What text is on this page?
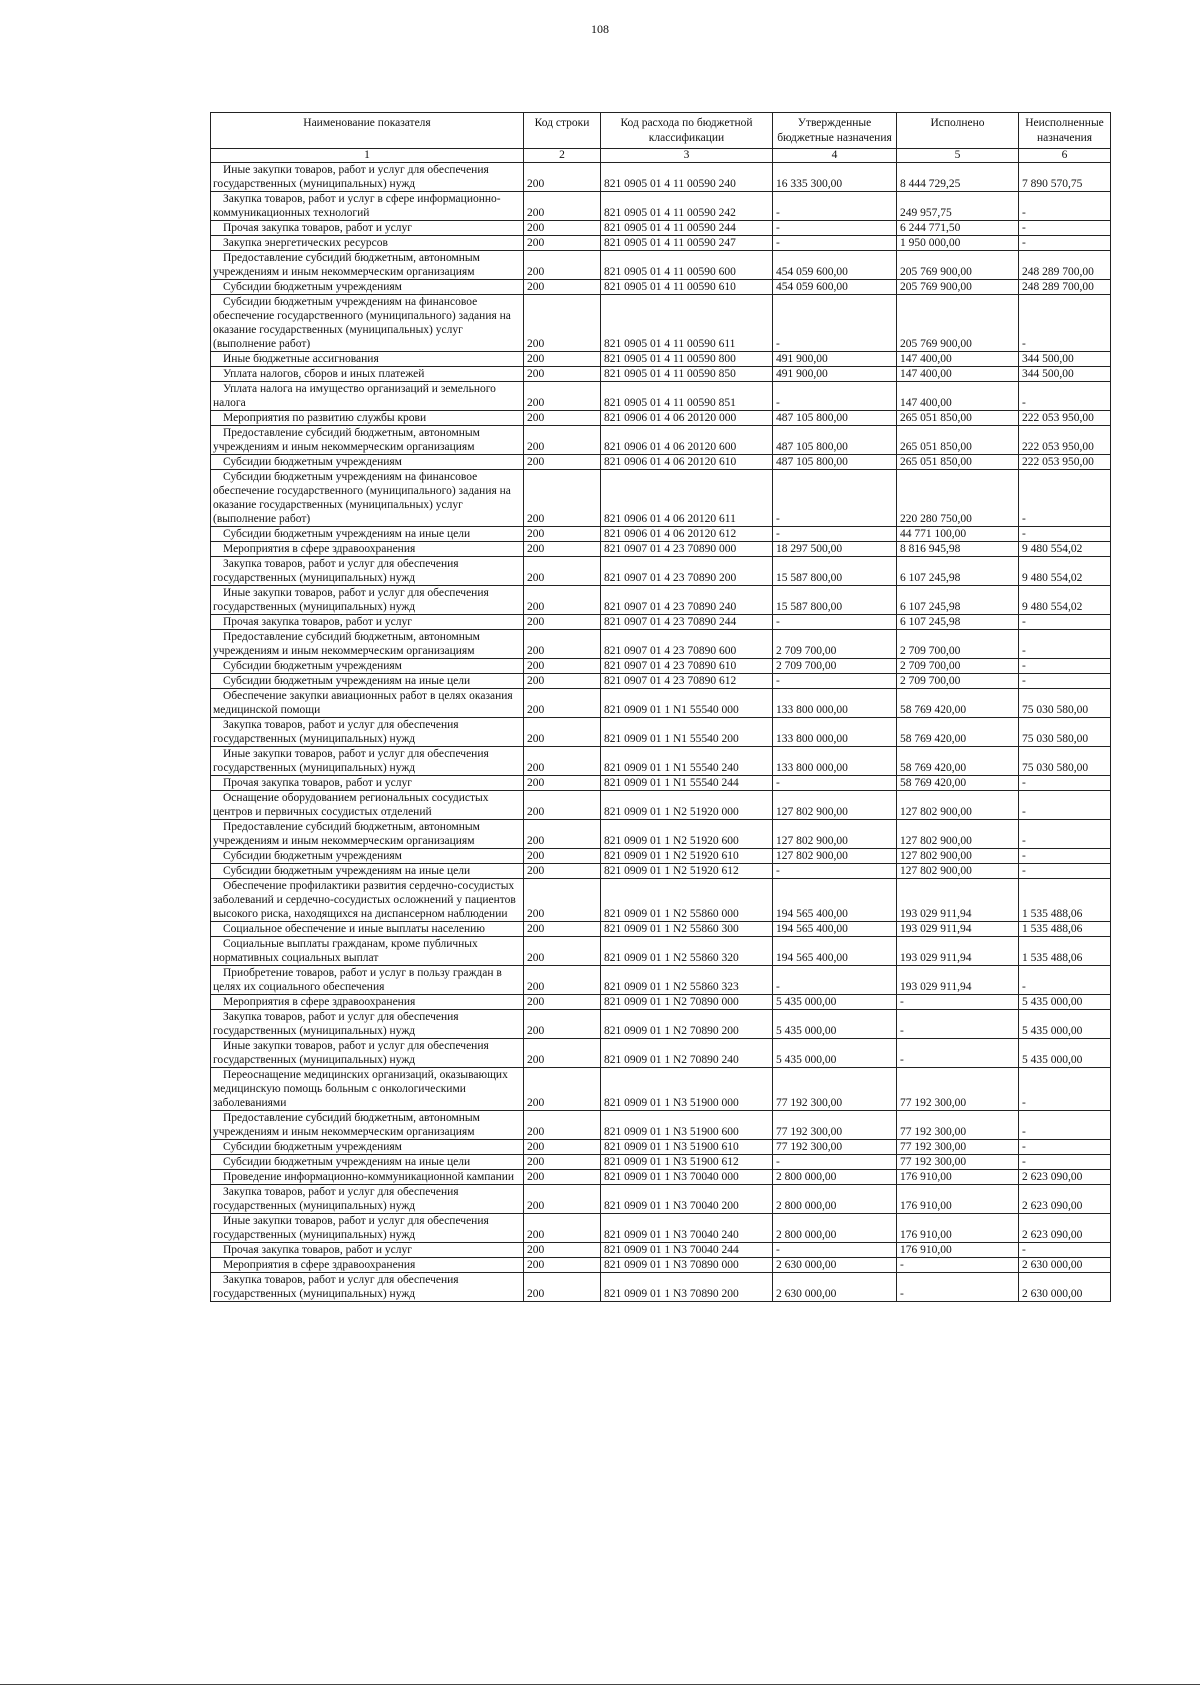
108
Наименование показателя	Код строки	Код расхода по бюджетной классификации	Утвержденные бюджетные назначения	Исполнено	Неисполненные назначения
1	2	3	4	5	6
Иные закупки товаров, работ и услуг для обеспечения государственных (муниципальных) нужд	200	821 0905 01 4 11 00590 240	16 335 300,00	8 444 729,25	7 890 570,75
Закупка товаров, работ и услуг в сфере информационно-коммуникационных технологий	200	821 0905 01 4 11 00590 242	-	249 957,75	-
Прочая закупка товаров, работ и услуг	200	821 0905 01 4 11 00590 244	-	6 244 771,50	-
Закупка энергетических ресурсов	200	821 0905 01 4 11 00590 247	-	1 950 000,00	-
Предоставление субсидий бюджетным, автономным учреждениям и иным некоммерческим организациям	200	821 0905 01 4 11 00590 600	454 059 600,00	205 769 900,00	248 289 700,00
Субсидии бюджетным учреждениям	200	821 0905 01 4 11 00590 610	454 059 600,00	205 769 900,00	248 289 700,00
Субсидии бюджетным учреждениям на финансовое обеспечение государственного (муниципального) задания на оказание государственных (муниципальных) услуг (выполнение работ)	200	821 0905 01 4 11 00590 611	-	205 769 900,00	-
Иные бюджетные ассигнования	200	821 0905 01 4 11 00590 800	491 900,00	147 400,00	344 500,00
Уплата налогов, сборов и иных платежей	200	821 0905 01 4 11 00590 850	491 900,00	147 400,00	344 500,00
Уплата налога на имущество организаций и земельного налога	200	821 0905 01 4 11 00590 851	-	147 400,00	-
Мероприятия по развитию службы крови	200	821 0906 01 4 06 20120 000	487 105 800,00	265 051 850,00	222 053 950,00
Предоставление субсидий бюджетным, автономным учреждениям и иным некоммерческим организациям	200	821 0906 01 4 06 20120 600	487 105 800,00	265 051 850,00	222 053 950,00
Субсидии бюджетным учреждениям	200	821 0906 01 4 06 20120 610	487 105 800,00	265 051 850,00	222 053 950,00
Субсидии бюджетным учреждениям на финансовое обеспечение государственного (муниципального) задания на оказание государственных (муниципальных) услуг (выполнение работ)	200	821 0906 01 4 06 20120 611	-	220 280 750,00	-
Субсидии бюджетным учреждениям на иные цели	200	821 0906 01 4 06 20120 612	-	44 771 100,00	-
Мероприятия в сфере здравоохранения	200	821 0907 01 4 23 70890 000	18 297 500,00	8 816 945,98	9 480 554,02
Закупка товаров, работ и услуг для обеспечения государственных (муниципальных) нужд	200	821 0907 01 4 23 70890 200	15 587 800,00	6 107 245,98	9 480 554,02
Иные закупки товаров, работ и услуг для обеспечения государственных (муниципальных) нужд	200	821 0907 01 4 23 70890 240	15 587 800,00	6 107 245,98	9 480 554,02
Прочая закупка товаров, работ и услуг	200	821 0907 01 4 23 70890 244	-	6 107 245,98	-
Предоставление субсидий бюджетным, автономным учреждениям и иным некоммерческим организациям	200	821 0907 01 4 23 70890 600	2 709 700,00	2 709 700,00	-
Субсидии бюджетным учреждениям	200	821 0907 01 4 23 70890 610	2 709 700,00	2 709 700,00	-
Субсидии бюджетным учреждениям на иные цели	200	821 0907 01 4 23 70890 612	-	2 709 700,00	-
Обеспечение закупки авиационных работ в целях оказания медицинской помощи	200	821 0909 01 1 N1 55540 000	133 800 000,00	58 769 420,00	75 030 580,00
Закупка товаров, работ и услуг для обеспечения государственных (муниципальных) нужд	200	821 0909 01 1 N1 55540 200	133 800 000,00	58 769 420,00	75 030 580,00
Иные закупки товаров, работ и услуг для обеспечения государственных (муниципальных) нужд	200	821 0909 01 1 N1 55540 240	133 800 000,00	58 769 420,00	75 030 580,00
Прочая закупка товаров, работ и услуг	200	821 0909 01 1 N1 55540 244	-	58 769 420,00	-
Оснащение оборудованием региональных сосудистых центров и первичных сосудистых отделений	200	821 0909 01 1 N2 51920 000	127 802 900,00	127 802 900,00	-
Предоставление субсидий бюджетным, автономным учреждениям и иным некоммерческим организациям	200	821 0909 01 1 N2 51920 600	127 802 900,00	127 802 900,00	-
Субсидии бюджетным учреждениям	200	821 0909 01 1 N2 51920 610	127 802 900,00	127 802 900,00	-
Субсидии бюджетным учреждениям на иные цели	200	821 0909 01 1 N2 51920 612	-	127 802 900,00	-
Обеспечение профилактики развития сердечно-сосудистых заболеваний и сердечно-сосудистых осложнений у пациентов высокого риска, находящихся на диспансерном наблюдении	200	821 0909 01 1 N2 55860 000	194 565 400,00	193 029 911,94	1 535 488,06
Социальное обеспечение и иные выплаты населению	200	821 0909 01 1 N2 55860 300	194 565 400,00	193 029 911,94	1 535 488,06
Социальные выплаты гражданам, кроме публичных нормативных социальных выплат	200	821 0909 01 1 N2 55860 320	194 565 400,00	193 029 911,94	1 535 488,06
Приобретение товаров, работ и услуг в пользу граждан в целях их социального обеспечения	200	821 0909 01 1 N2 55860 323	-	193 029 911,94	-
Мероприятия в сфере здравоохранения	200	821 0909 01 1 N2 70890 000	5 435 000,00	-	5 435 000,00
Закупка товаров, работ и услуг для обеспечения государственных (муниципальных) нужд	200	821 0909 01 1 N2 70890 200	5 435 000,00	-	5 435 000,00
Иные закупки товаров, работ и услуг для обеспечения государственных (муниципальных) нужд	200	821 0909 01 1 N2 70890 240	5 435 000,00	-	5 435 000,00
Переоснащение медицинских организаций, оказывающих медицинскую помощь больным с онкологическими заболеваниями	200	821 0909 01 1 N3 51900 000	77 192 300,00	77 192 300,00	-
Предоставление субсидий бюджетным, автономным учреждениям и иным некоммерческим организациям	200	821 0909 01 1 N3 51900 600	77 192 300,00	77 192 300,00	-
Субсидии бюджетным учреждениям	200	821 0909 01 1 N3 51900 610	77 192 300,00	77 192 300,00	-
Субсидии бюджетным учреждениям на иные цели	200	821 0909 01 1 N3 51900 612	-	77 192 300,00	-
Проведение информационно-коммуникационной кампании	200	821 0909 01 1 N3 70040 000	2 800 000,00	176 910,00	2 623 090,00
Закупка товаров, работ и услуг для обеспечения государственных (муниципальных) нужд	200	821 0909 01 1 N3 70040 200	2 800 000,00	176 910,00	2 623 090,00
Иные закупки товаров, работ и услуг для обеспечения государственных (муниципальных) нужд	200	821 0909 01 1 N3 70040 240	2 800 000,00	176 910,00	2 623 090,00
Прочая закупка товаров, работ и услуг	200	821 0909 01 1 N3 70040 244	-	176 910,00	-
Мероприятия в сфере здравоохранения	200	821 0909 01 1 N3 70890 000	2 630 000,00	-	2 630 000,00
Закупка товаров, работ и услуг для обеспечения государственных (муниципальных) нужд	200	821 0909 01 1 N3 70890 200	2 630 000,00	-	2 630 000,00
